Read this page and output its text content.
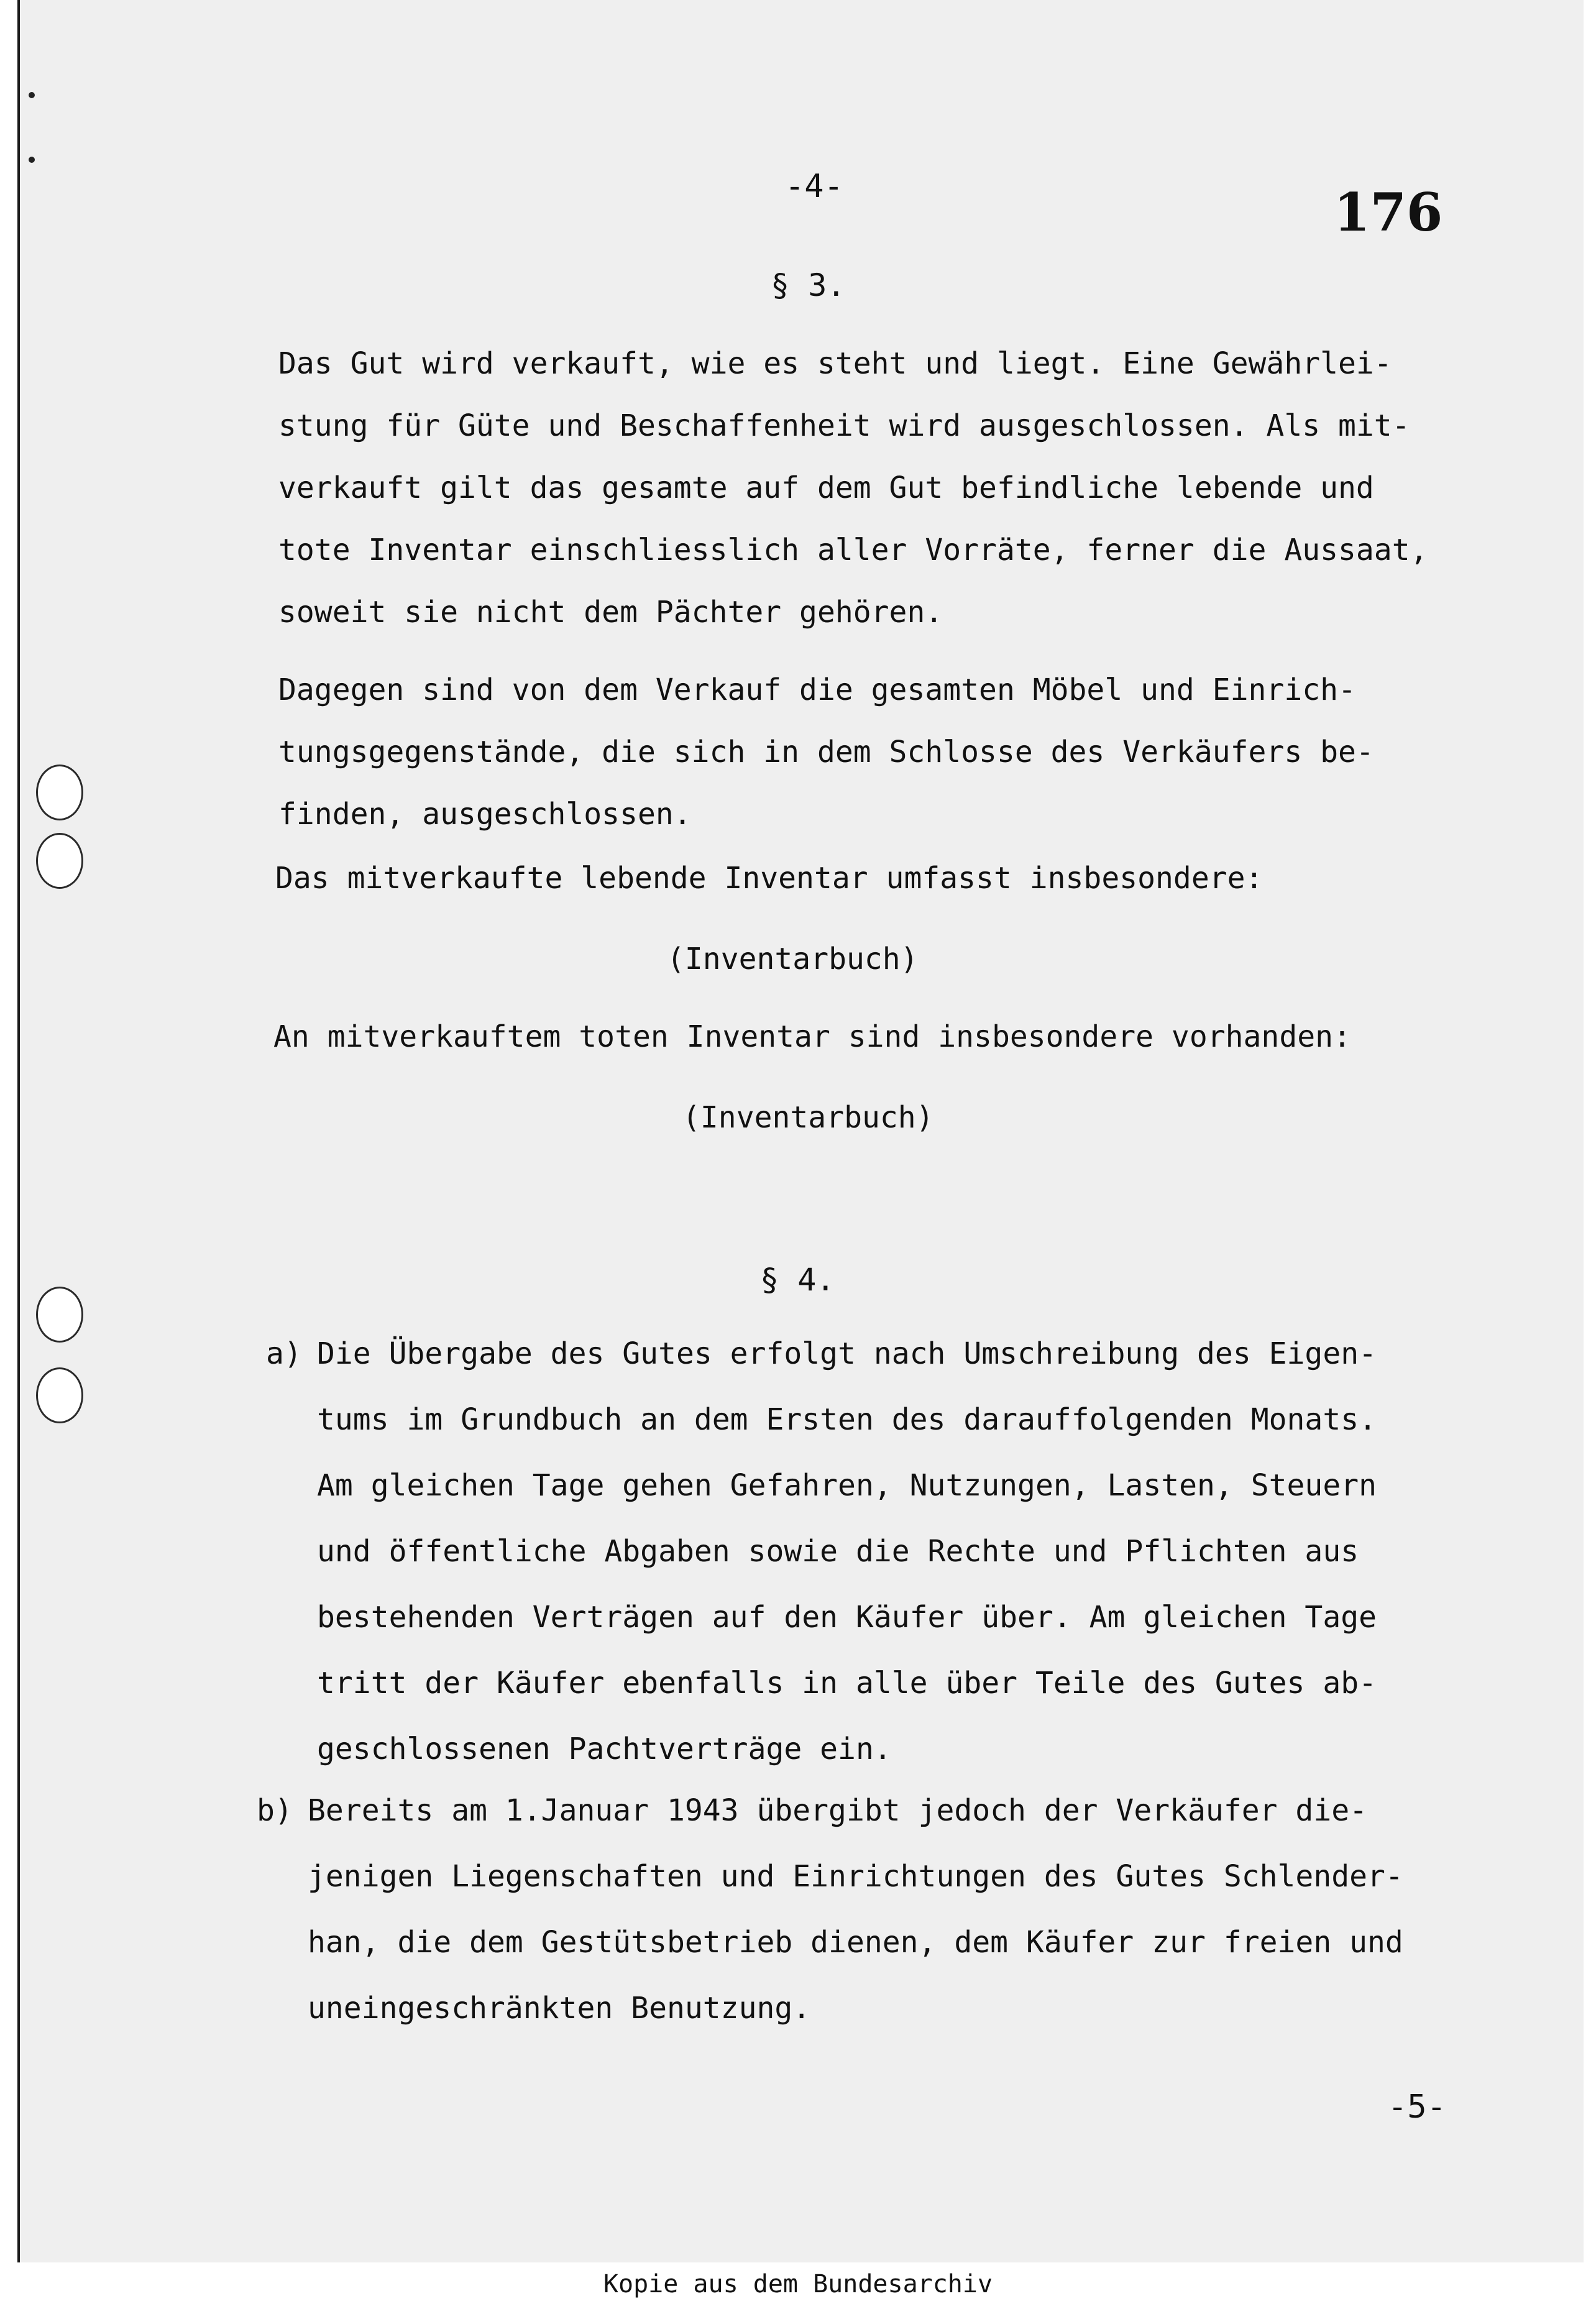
-4-	176
§ 3.
Das Gut wird verkauft, wie es steht und liegt. Eine Gewährlei-
stung für Güte und Beschaffenheit wird ausgeschlossen. Als mit-
verkauft gilt das gesamte auf dem Gut befindliche lebende und
tote Inventar einschliesslich aller Vorräte, ferner die Aussaat,
soweit sie nicht dem Pächter gehören.
Dagegen sind von dem Verkauf die gesamten Möbel und Einrich-
tungsgegenstände, die sich in dem Schlosse des Verkäufers be-
finden, ausgeschlossen.
Das mitverkaufte lebende Inventar umfasst insbesondere:
(Inventarbuch)
An mitverkauftem toten Inventar sind insbesondere vorhanden:
(Inventarbuch)
§ 4.
a) Die Übergabe des Gutes erfolgt nach Umschreibung des Eigen-
tums im Grundbuch an dem Ersten des darauffolgenden Monats.
Am gleichen Tage gehen Gefahren, Nutzungen, Lasten, Steuern
und öffentliche Abgaben sowie die Rechte und Pflichten aus
bestehenden Verträgen auf den Käufer über. Am gleichen Tage
tritt der Käufer ebenfalls in alle über Teile des Gutes ab-
geschlossenen Pachtverträge ein.
b) Bereits am 1.Januar 1943 übergibt jedoch der Verkäufer die-
jenigen Liegenschaften und Einrichtungen des Gutes Schlender-
han, die dem Gestütsbetrieb dienen, dem Käufer zur freien und
uneingeschränkten Benutzung.
-5-
Kopie aus dem Bundesarchiv
